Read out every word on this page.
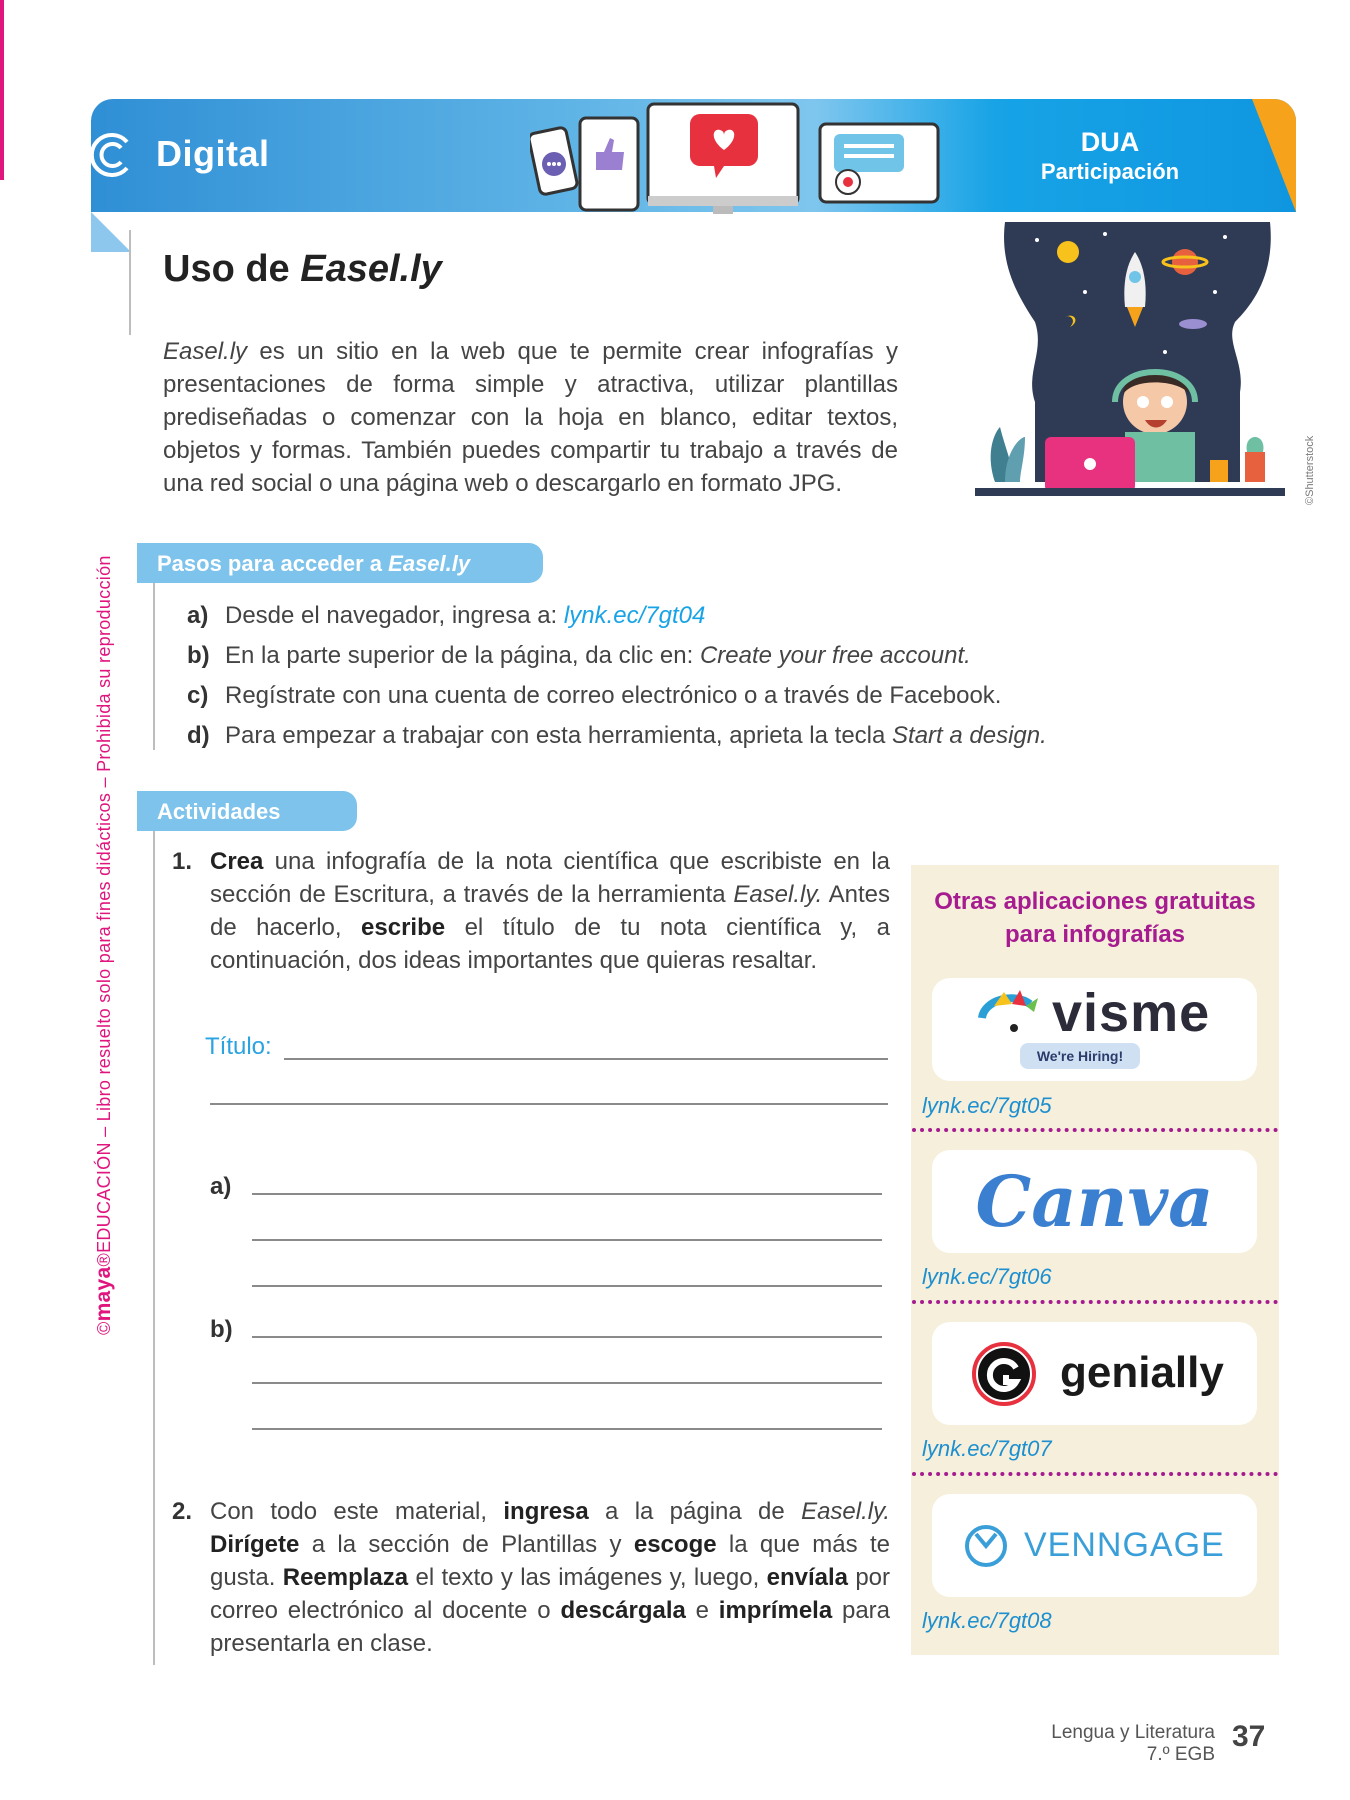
Digital	DUA
Participación
Uso de Easel.ly

Easel.ly es un sitio en la web que te permite crear infografías y presentaciones de forma simple y atractiva, utilizar plantillas prediseñadas o comenzar con la hoja en blanco, editar textos, objetos y formas. También puedes compartir tu trabajo a través de una red social o una página web o descargarlo en formato JPG.	©Shutterstock
©maya®EDUCACIÓN – Libro resuelto solo para fines didácticos – Prohibida su reproducción	Pasos para acceder a Easel.ly
a) Desde el navegador, ingresa a: lynk.ec/7gt04
b) En la parte superior de la página, da clic en: Create your free account.
c) Regístrate con una cuenta de correo electrónico o a través de Facebook.
d) Para empezar a trabajar con esta herramienta, aprieta la tecla Start a design.
Actividades
1. Crea una infografía de la nota científica que escribiste en la sección de Escritura, a través de la herramienta Easel.ly. Antes de hacerlo, escribe el título de tu nota científica y, a continuación, dos ideas importantes que quieras resaltar.

Título:
a)
b)
2. Con todo este material, ingresa a la página de Easel.ly. Dirígete a la sección de Plantillas y escoge la que más te gusta. Reemplaza el texto y las imágenes y, luego, envíala por correo electrónico al docente o descárgala e imprímela para presentarla en clase.

Otras aplicaciones gratuitas
para infografías
visme
We're Hiring!
lynk.ec/7gt05
Canva
lynk.ec/7gt06
genially
lynk.ec/7gt07
VENNGAGE
lynk.ec/7gt08
Lengua y Literatura
7.º EGB
37
